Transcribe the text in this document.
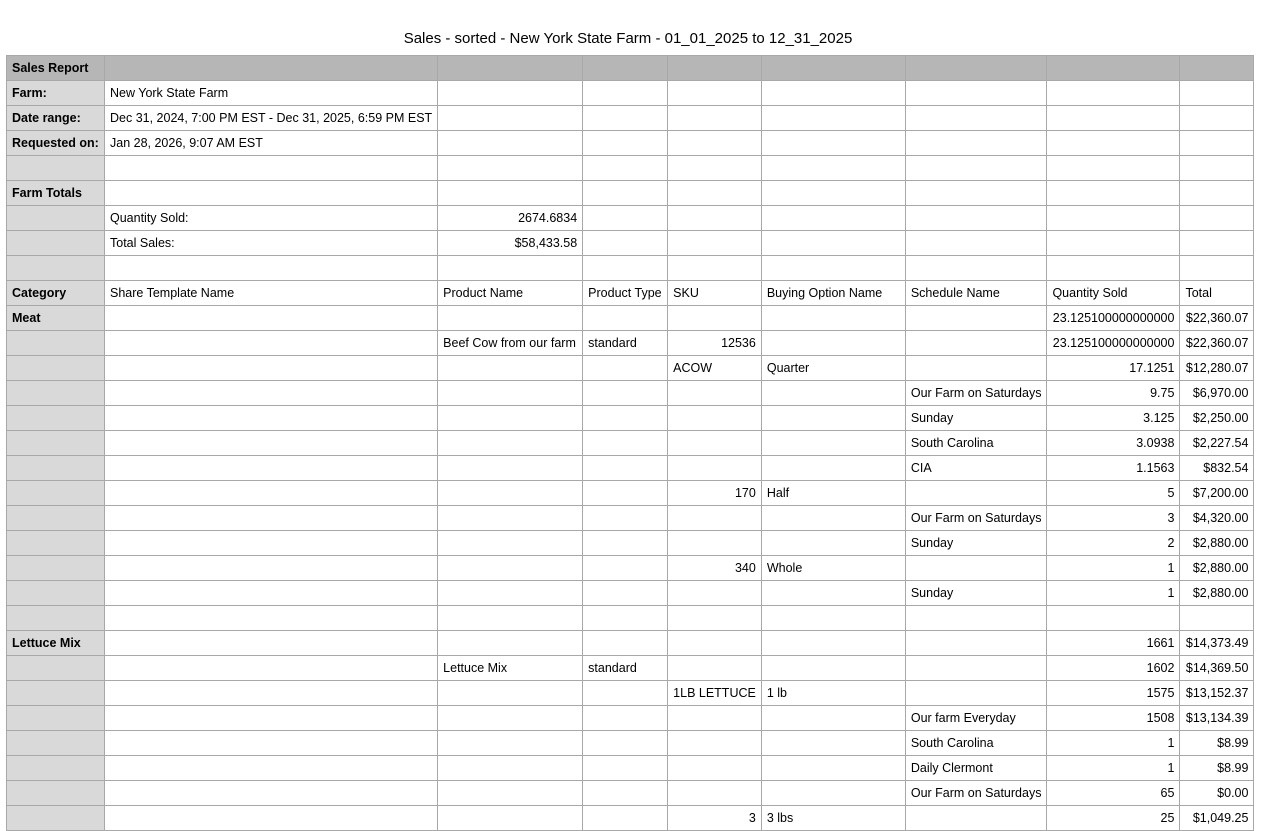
Sales - sorted - New York State Farm - 01_01_2025 to 12_31_2025
Sales Report								
Farm:	New York State Farm							
Date range:	Dec 31, 2024, 7:00 PM EST - Dec 31, 2025, 6:59 PM EST							
Requested on:	Jan 28, 2026, 9:07 AM EST							

Farm Totals								
	Quantity Sold:	2674.6834						
	Total Sales:	$58,433.58						

Category	Share Template Name	Product Name	Product Type	SKU	Buying Option Name	Schedule Name	Quantity Sold	Total
Meat							23.125100000000000	$22,360.07
		Beef Cow from our farm	standard	12536			23.125100000000000	$22,360.07
				ACOW	Quarter		17.1251	$12,280.07
						Our Farm on Saturdays	9.75	$6,970.00
						Sunday	3.125	$2,250.00
						South Carolina	3.0938	$2,227.54
						CIA	1.1563	$832.54
				170	Half		5	$7,200.00
						Our Farm on Saturdays	3	$4,320.00
						Sunday	2	$2,880.00
				340	Whole		1	$2,880.00
						Sunday	1	$2,880.00

Lettuce Mix							1661	$14,373.49
		Lettuce Mix	standard				1602	$14,369.50
				1LB LETTUCE	1 lb		1575	$13,152.37
						Our farm Everyday	1508	$13,134.39
						South Carolina	1	$8.99
						Daily Clermont	1	$8.99
						Our Farm on Saturdays	65	$0.00
				3	3 lbs		25	$1,049.25
